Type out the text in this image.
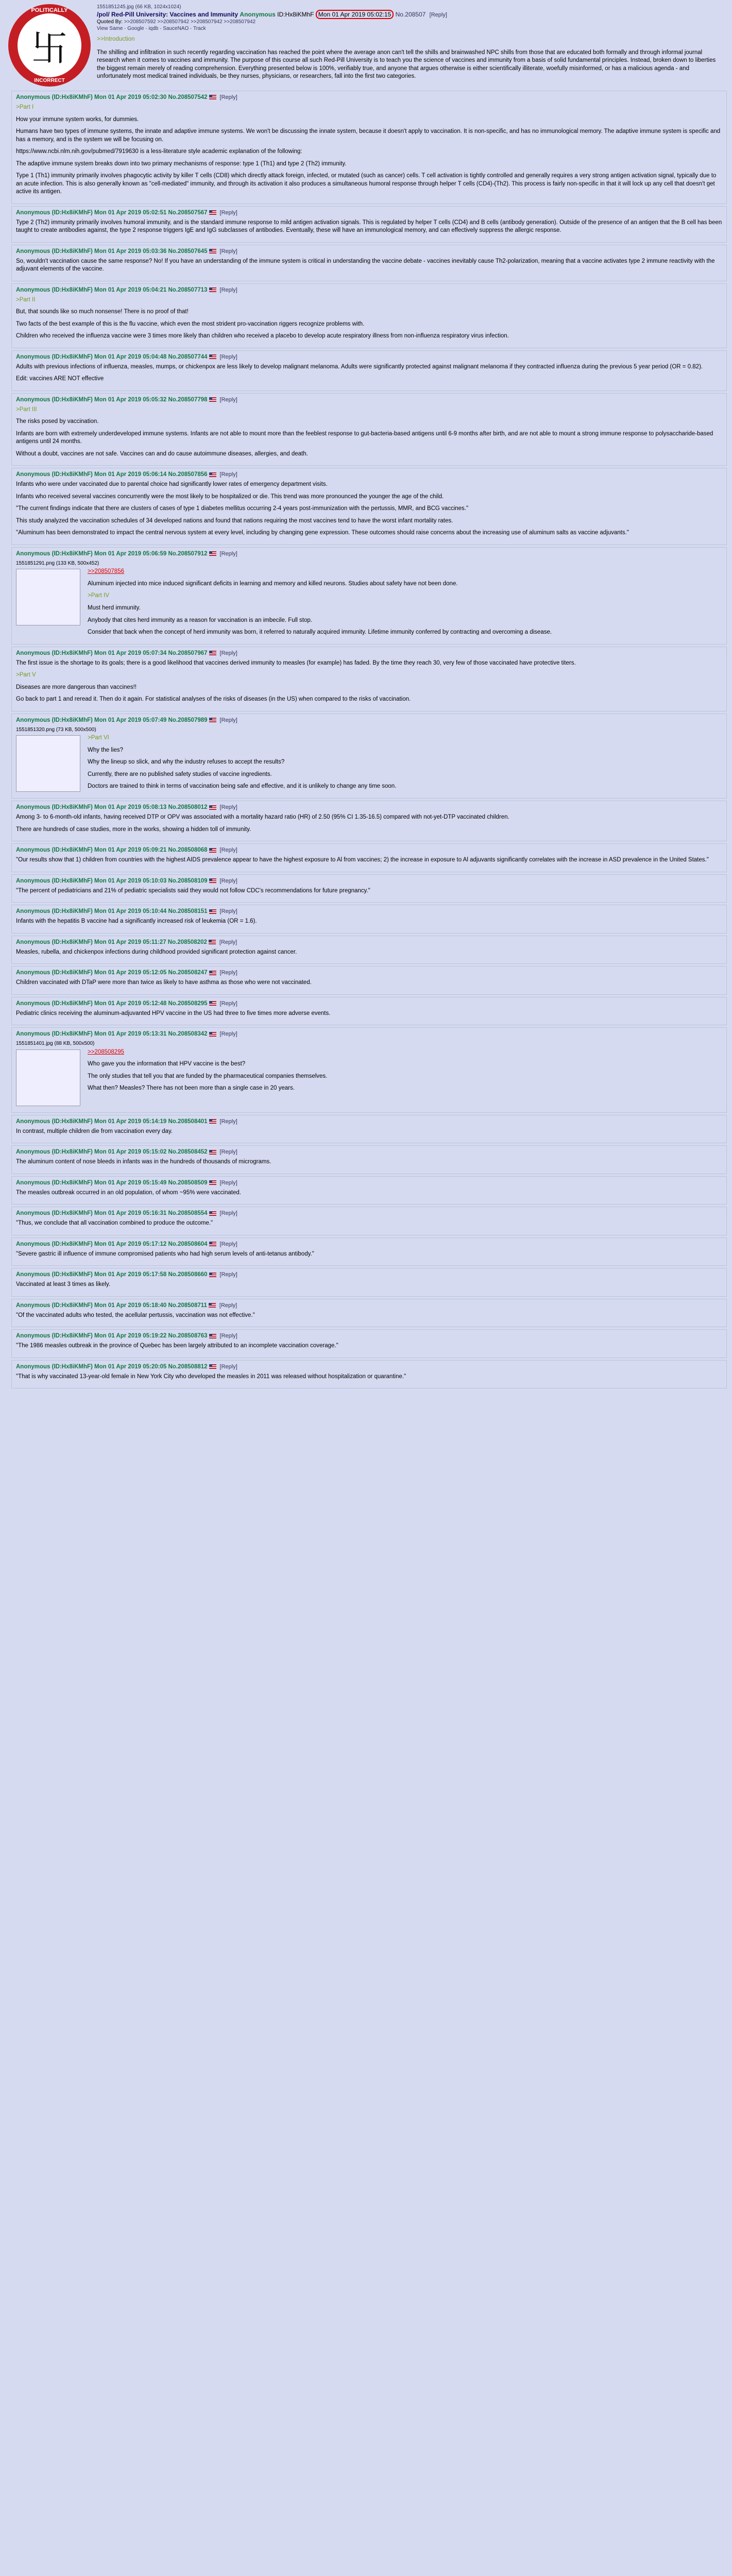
卐
POLITICALLY
INCORRECT
1551851245.jpg (66 KB, 1024x1024)
/pol/ Red-Pill University: Vaccines and Immunity Anonymous ID:Hx8iKMhF Mon 01 Apr 2019 05:02:15 No.208507 [Reply]
Quoted By: >>208507592 >>208507942 >>208507942 >>208507942
View Same · Google · iqdb · SauceNAO · Track

>>Introduction

The shilling and infiltration in such recently regarding vaccination has reached the point where the average anon can't tell the shills and brainwashed NPC shills from those that are educated both formally and through informal journal research when it comes to vaccines and immunity. The purpose of this course all such Red-Pill University is to teach you the science of vaccines and immunity from a basis of solid fundamental principles. Instead, broken down to liberties the biggest remain merely of reading comprehension. Everything presented below is 100%, verifiably true, and anyone that argues otherwise is either scientifically illiterate, woefully misinformed, or has a malicious agenda - and unfortunately most medical trained individuals, be they nurses, physicians, or researchers, fall into the first two categories.

Anonymous (ID:Hx8iKMhF) Mon 01 Apr 2019 05:02:30 No.208507542 [Reply]

>Part I

How your immune system works, for dummies.

Humans have two types of immune systems, the innate and adaptive immune systems. We won't be discussing the innate system, because it doesn't apply to vaccination. It is non-specific, and has no immunological memory. The adaptive immune system is specific and has a memory, and is the system we will be focusing on.

https://www.ncbi.nlm.nih.gov/pubmed/7919630 is a less-literature style academic explanation of the following:

The adaptive immune system breaks down into two primary mechanisms of response: type 1 (Th1) and type 2 (Th2) immunity.

Type 1 (Th1) immunity primarily involves phagocytic activity by killer T cells (CD8) which directly attack foreign, infected, or mutated (such as cancer) cells. T cell activation is tightly controlled and generally requires a very strong antigen activation signal, typically due to an acute infection. This is also generally known as "cell-mediated" immunity, and through its activation it also produces a simultaneous humoral response through helper T cells (CD4)-(Th2). This process is fairly non-specific in that it will lock up any cell that doesn't get active its antigen.

Anonymous (ID:Hx8iKMhF) Mon 01 Apr 2019 05:02:51 No.208507567 [Reply]

Type 2 (Th2) immunity primarily involves humoral immunity, and is the standard immune response to mild antigen activation signals. This is regulated by helper T cells (CD4) and B cells (antibody generation). Outside of the presence of an antigen that the B cell has been taught to create antibodies against, the type 2 response triggers IgE and IgG subclasses of antibodies. Eventually, these will have an immunological memory, and can effectively suppress the allergic response.

Anonymous (ID:Hx8iKMhF) Mon 01 Apr 2019 05:03:36 No.208507645 [Reply]

So, wouldn't vaccination cause the same response? No! If you have an understanding of the immune system is critical in understanding the vaccine debate - vaccines inevitably cause Th2-polarization, meaning that a vaccine activates type 2 immune reactivity with the adjuvant elements of the vaccine.

Anonymous (ID:Hx8iKMhF) Mon 01 Apr 2019 05:04:21 No.208507713 [Reply]

>Part II

But, that sounds like so much nonsense! There is no proof of that!

Two facts of the best example of this is the flu vaccine, which even the most strident pro-vaccination riggers recognize problems with.

Children who received the influenza vaccine were 3 times more likely than children who received a placebo to develop acute respiratory illness from non-influenza respiratory virus infection.

Anonymous (ID:Hx8iKMhF) Mon 01 Apr 2019 05:04:48 No.208507744 [Reply]

Adults with previous infections of influenza, measles, mumps, or chickenpox are less likely to develop malignant melanoma. Adults were significantly protected against malignant melanoma if they contracted influenza during the previous 5 year period (OR = 0.82).

Edit: vaccines ARE NOT effective

Anonymous (ID:Hx8iKMhF) Mon 01 Apr 2019 05:05:32 No.208507798 [Reply]

>Part III

The risks posed by vaccination.

Infants are born with extremely underdeveloped immune systems. Infants are not able to mount more than the feeblest response to gut-bacteria-based antigens until 6-9 months after birth, and are not able to mount a strong immune response to polysaccharide-based antigens until 24 months.

Without a doubt, vaccines are not safe. Vaccines can and do cause autoimmune diseases, allergies, and death.

Anonymous (ID:Hx8iKMhF) Mon 01 Apr 2019 05:06:14 No.208507856 [Reply]

Infants who were under vaccinated due to parental choice had significantly lower rates of emergency department visits.

Infants who received several vaccines concurrently were the most likely to be hospitalized or die. This trend was more pronounced the younger the age of the child.

"The current findings indicate that there are clusters of cases of type 1 diabetes mellitus occurring 2-4 years post-immunization with the pertussis, MMR, and BCG vaccines."

This study analyzed the vaccination schedules of 34 developed nations and found that nations requiring the most vaccines tend to have the worst infant mortality rates.

"Aluminum has been demonstrated to impact the central nervous system at every level, including by changing gene expression. These outcomes should raise concerns about the increasing use of aluminum salts as vaccine adjuvants."

Anonymous (ID:Hx8iKMhF) Mon 01 Apr 2019 05:06:59 No.208507912 [Reply]
1551851291.png (133 KB, 500x452)

>>208507856

Aluminum injected into mice induced significant deficits in learning and memory and killed neurons. Studies about safety have not been done.

>Part IV

Must herd immunity.

Anybody that cites herd immunity as a reason for vaccination is an imbecile. Full stop.

Consider that back when the concept of herd immunity was born, it referred to naturally acquired immunity. Lifetime immunity conferred by contracting and overcoming a disease.

Anonymous (ID:Hx8iKMhF) Mon 01 Apr 2019 05:07:34 No.208507967 [Reply]

The first issue is the shortage to its goals; there is a good likelihood that vaccines derived immunity to measles (for example) has faded. By the time they reach 30, very few of those vaccinated have protective titers.

>Part V

Diseases are more dangerous than vaccines!!

Go back to part 1 and reread it. Then do it again. For statistical analyses of the risks of diseases (in the US) when compared to the risks of vaccination.

Anonymous (ID:Hx8iKMhF) Mon 01 Apr 2019 05:07:49 No.208507989 [Reply]
1551851320.png (73 KB, 500x500)

>Part VI

Why the lies?

Why the lineup so slick, and why the industry refuses to accept the results?

Currently, there are no published safety studies of vaccine ingredients.

Doctors are trained to think in terms of vaccination being safe and effective, and it is unlikely to change any time soon.

Anonymous (ID:Hx8iKMhF) Mon 01 Apr 2019 05:08:13 No.208508012 [Reply]

Among 3- to 6-month-old infants, having received DTP or OPV was associated with a mortality hazard ratio (HR) of 2.50 (95% CI 1.35-16.5) compared with not-yet-DTP vaccinated children.

There are hundreds of case studies, more in the works, showing a hidden toll of immunity.

Anonymous (ID:Hx8iKMhF) Mon 01 Apr 2019 05:09:21 No.208508068 [Reply]

"Our results show that 1) children from countries with the highest AIDS prevalence appear to have the highest exposure to Al from vaccines; 2) the increase in exposure to Al adjuvants significantly correlates with the increase in ASD prevalence in the United States."

Anonymous (ID:Hx8iKMhF) Mon 01 Apr 2019 05:10:03 No.208508109 [Reply]

"The percent of pediatricians and 21% of pediatric specialists said they would not follow CDC's recommendations for future pregnancy."

Anonymous (ID:Hx8iKMhF) Mon 01 Apr 2019 05:10:44 No.208508151 [Reply]

Infants with the hepatitis B vaccine had a significantly increased risk of leukemia (OR = 1.6).

Anonymous (ID:Hx8iKMhF) Mon 01 Apr 2019 05:11:27 No.208508202 [Reply]

Measles, rubella, and chickenpox infections during childhood provided significant protection against cancer.

Anonymous (ID:Hx8iKMhF) Mon 01 Apr 2019 05:12:05 No.208508247 [Reply]

Children vaccinated with DTaP were more than twice as likely to have asthma as those who were not vaccinated.

Anonymous (ID:Hx8iKMhF) Mon 01 Apr 2019 05:12:48 No.208508295 [Reply]

Pediatric clinics receiving the aluminum-adjuvanted HPV vaccine in the US had three to five times more adverse events.

Anonymous (ID:Hx8iKMhF) Mon 01 Apr 2019 05:13:31 No.208508342 [Reply]
1551851401.jpg (88 KB, 500x500)

>>208508295

Who gave you the information that HPV vaccine is the best?

The only studies that tell you that are funded by the pharmaceutical companies themselves.

What then? Measles? There has not been more than a single case in 20 years.

Anonymous (ID:Hx8iKMhF) Mon 01 Apr 2019 05:14:19 No.208508401 [Reply]

In contrast, multiple children die from vaccination every day.

Anonymous (ID:Hx8iKMhF) Mon 01 Apr 2019 05:15:02 No.208508452 [Reply]

The aluminum content of nose bleeds in infants was in the hundreds of thousands of micrograms.

Anonymous (ID:Hx8iKMhF) Mon 01 Apr 2019 05:15:49 No.208508509 [Reply]

The measles outbreak occurred in an old population, of whom ~95% were vaccinated.

Anonymous (ID:Hx8iKMhF) Mon 01 Apr 2019 05:16:31 No.208508554 [Reply]

"Thus, we conclude that all vaccination combined to produce the outcome."

Anonymous (ID:Hx8iKMhF) Mon 01 Apr 2019 05:17:12 No.208508604 [Reply]

"Severe gastric ill influence of immune compromised patients who had high serum levels of anti-tetanus antibody."

Anonymous (ID:Hx8iKMhF) Mon 01 Apr 2019 05:17:58 No.208508660 [Reply]

Vaccinated at least 3 times as likely.

Anonymous (ID:Hx8iKMhF) Mon 01 Apr 2019 05:18:40 No.208508711 [Reply]

"Of the vaccinated adults who tested, the acellular pertussis, vaccination was not effective."

Anonymous (ID:Hx8iKMhF) Mon 01 Apr 2019 05:19:22 No.208508763 [Reply]

"The 1986 measles outbreak in the province of Quebec has been largely attributed to an incomplete vaccination coverage."

Anonymous (ID:Hx8iKMhF) Mon 01 Apr 2019 05:20:05 No.208508812 [Reply]

"That is why vaccinated 13-year-old female in New York City who developed the measles in 2011 was released without hospitalization or quarantine."
